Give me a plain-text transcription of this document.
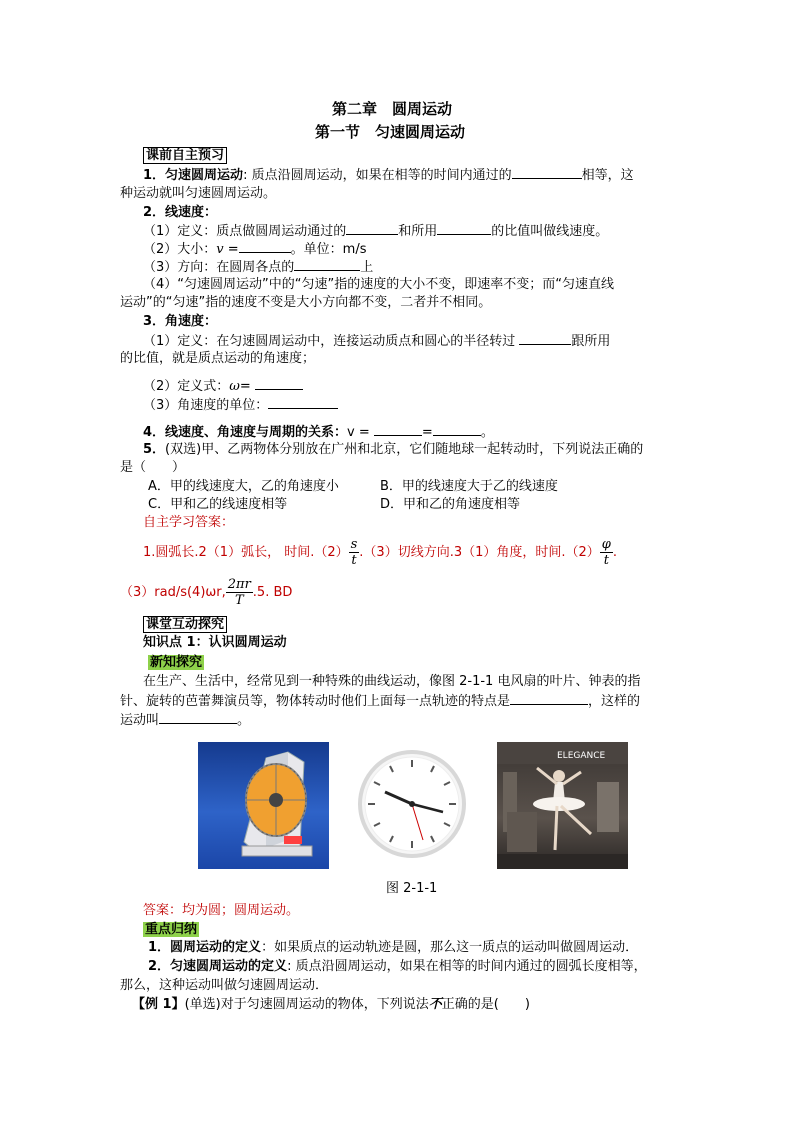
第二章　圆周运动
第一节　匀速圆周运动
课前自主预习
1．匀速圆周运动: 质点沿圆周运动，如果在相等的时间内通过的	相等，这
种运动就叫匀速圆周运动。
2．线速度：
（1）定义：质点做圆周运动通过的	和所用	的比值叫做线速度。
（2）大小：v =	。单位：m/s
（3）方向：在圆周各点的	上
（4）“匀速圆周运动”中的“匀速”指的速度的大小不变，即速率不变；而“匀速直线
运动”的“匀速”指的速度不变是大小方向都不变，二者并不相同。
3．角速度：
（1）定义：在匀速圆周运动中，连接运动质点和圆心的半径转过	跟所用
的比值，就是质点运动的角速度；
（2）定义式：ω=
（3）角速度的单位：
4．线速度、角速度与周期的关系：v =	=	。
5．(双选)甲、乙两物体分别放在广州和北京，它们随地球一起转动时，下列说法正确的
是（　　）
A．甲的线速度大，乙的角速度小	B．甲的线速度大于乙的线速度
C．甲和乙的线速度相等	D．甲和乙的角速度相等
自主学习答案：
1.圆弧长.2（1）弧长， 时间$.(2) \frac{s}{t} .(3)$切线方向.3（1）角度，时间$.(2) \frac{\varphi}{t}$ .
（3）rad/s(4)ωr, $\frac{2\pi r}{T} .5$. BD
课堂互动探究
知识点 1：认识圆周运动
新知探究
在生产、生活中，经常见到一种特殊的曲线运动，像图 2-1-1 电风扇的叶片、钟表的指
针、旋转的芭蕾舞演员等，物体转动时他们上面每一点轨迹的特点是	，这样的
运动叫	。
ELEGANCE
图 2-1-1
答案：均为圆；圆周运动。
重点归纳
1．圆周运动的定义：如果质点的运动轨迹是圆，那么这一质点的运动叫做圆周运动．
2．匀速圆周运动的定义: 质点沿圆周运动，如果在相等的时间内通过的圆弧长度相等，
那么，这种运动叫做匀速圆周运动．
【例 1】(单选)对于匀速圆周运动的物体，下列说法不正确的是(　　)
